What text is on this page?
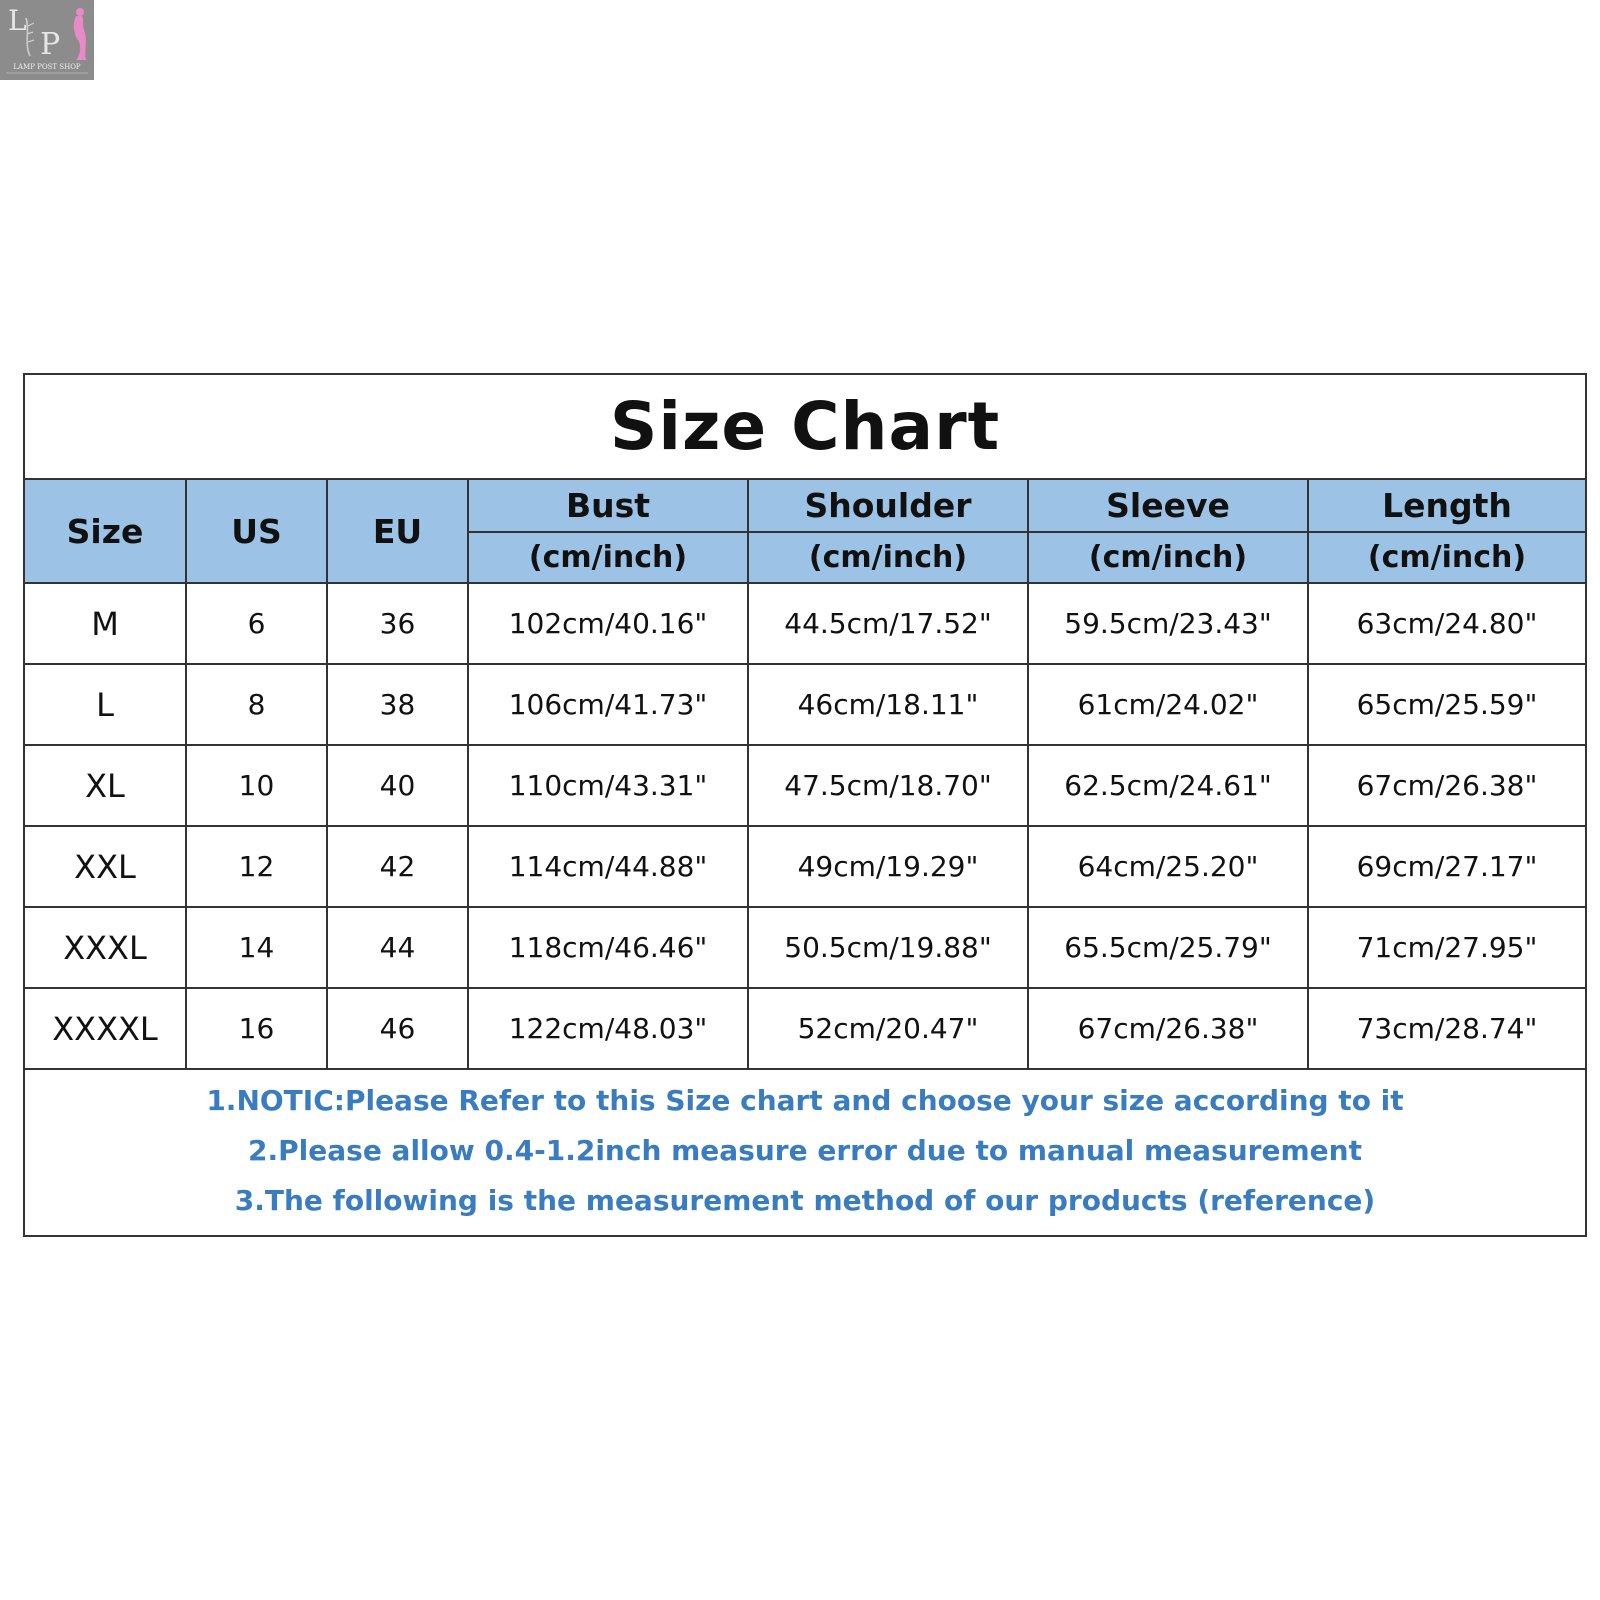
L
P
LAMP POST SHOP
Size Chart
Size	US	EU	Bust	Shoulder	Sleeve	Length
			(cm/inch)	(cm/inch)	(cm/inch)	(cm/inch)
M	6	36	102cm/40.16"	44.5cm/17.52"	59.5cm/23.43"	63cm/24.80"
L	8	38	106cm/41.73"	46cm/18.11"	61cm/24.02"	65cm/25.59"
XL	10	40	110cm/43.31"	47.5cm/18.70"	62.5cm/24.61"	67cm/26.38"
XXL	12	42	114cm/44.88"	49cm/19.29"	64cm/25.20"	69cm/27.17"
XXXL	14	44	118cm/46.46"	50.5cm/19.88"	65.5cm/25.79"	71cm/27.95"
XXXXL	16	46	122cm/48.03"	52cm/20.47"	67cm/26.38"	73cm/28.74"
1.NOTIC:Please Refer to this Size chart and choose your size according to it
2.Please allow 0.4-1.2inch measure error due to manual measurement
3.The following is the measurement method of our products (reference)
